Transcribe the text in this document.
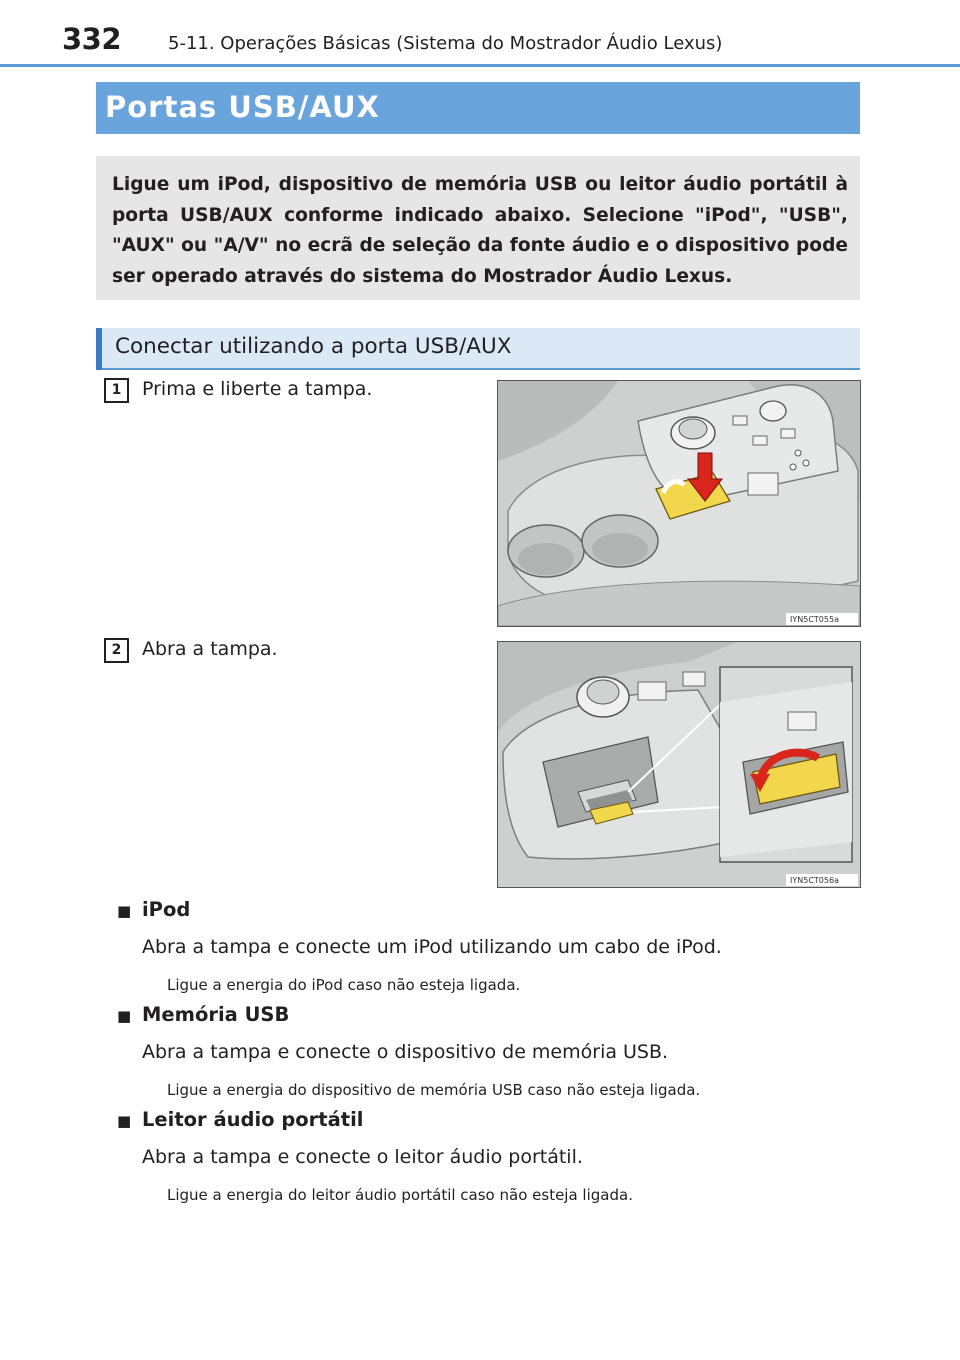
332	5-11. Operações Básicas (Sistema do Mostrador Áudio Lexus)
Portas USB/AUX

Ligue um iPod, dispositivo de memória USB ou leitor áudio portátil à porta USB/AUX conforme indicado abaixo. Selecione "iPod", "USB", "AUX" ou "A/V" no ecrã de seleção da fonte áudio e o dispositivo pode ser operado através do sistema do Mostrador Áudio Lexus.

Conectar utilizando a porta USB/AUX
1	Prima e liberte a tampa.
IYN5CT055a
2	Abra a tampa.
IYN5CT056a
■ iPod
Abra a tampa e conecte um iPod utilizando um cabo de iPod.
Ligue a energia do iPod caso não esteja ligada.
■ Memória USB
Abra a tampa e conecte o dispositivo de memória USB.
Ligue a energia do dispositivo de memória USB caso não esteja ligada.
■ Leitor áudio portátil
Abra a tampa e conecte o leitor áudio portátil.
Ligue a energia do leitor áudio portátil caso não esteja ligada.
